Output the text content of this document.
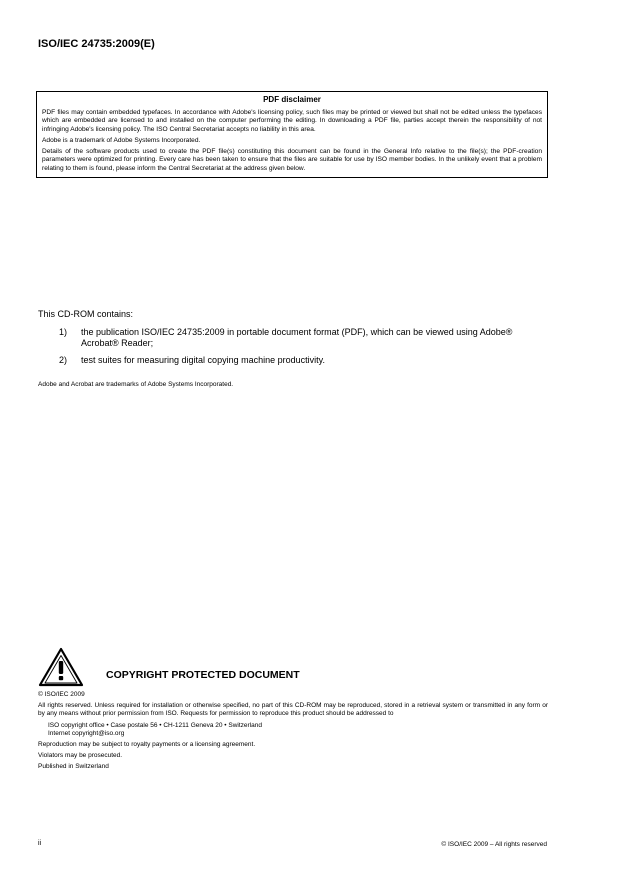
ISO/IEC 24735:2009(E)
PDF disclaimer

PDF files may contain embedded typefaces. In accordance with Adobe's licensing policy, such files may be printed or viewed but shall not be edited unless the typefaces which are embedded are licensed to and installed on the computer performing the editing. In downloading a PDF file, parties accept therein the responsibility of not infringing Adobe's licensing policy. The ISO Central Secretariat accepts no liability in this area.

Adobe is a trademark of Adobe Systems Incorporated.

Details of the software products used to create the PDF file(s) constituting this document can be found in the General Info relative to the file(s); the PDF-creation parameters were optimized for printing. Every care has been taken to ensure that the files are suitable for use by ISO member bodies. In the unlikely event that a problem relating to them is found, please inform the Central Secretariat at the address given below.

This CD-ROM contains:

1) the publication ISO/IEC 24735:2009 in portable document format (PDF), which can be viewed using Adobe® Acrobat® Reader;
2) test suites for measuring digital copying machine productivity.
Adobe and Acrobat are trademarks of Adobe Systems Incorporated.
COPYRIGHT PROTECTED DOCUMENT

© ISO/IEC 2009

All rights reserved. Unless required for installation or otherwise specified, no part of this CD-ROM may be reproduced, stored in a retrieval system or transmitted in any form or by any means without prior permission from ISO. Requests for permission to reproduce this product should be addressed to

ISO copyright office • Case postale 56 • CH-1211 Geneva 20 • Switzerland
Internet copyright@iso.org

Reproduction may be subject to royalty payments or a licensing agreement.

Violators may be prosecuted.

Published in Switzerland

ii	© ISO/IEC 2009 – All rights reserved
